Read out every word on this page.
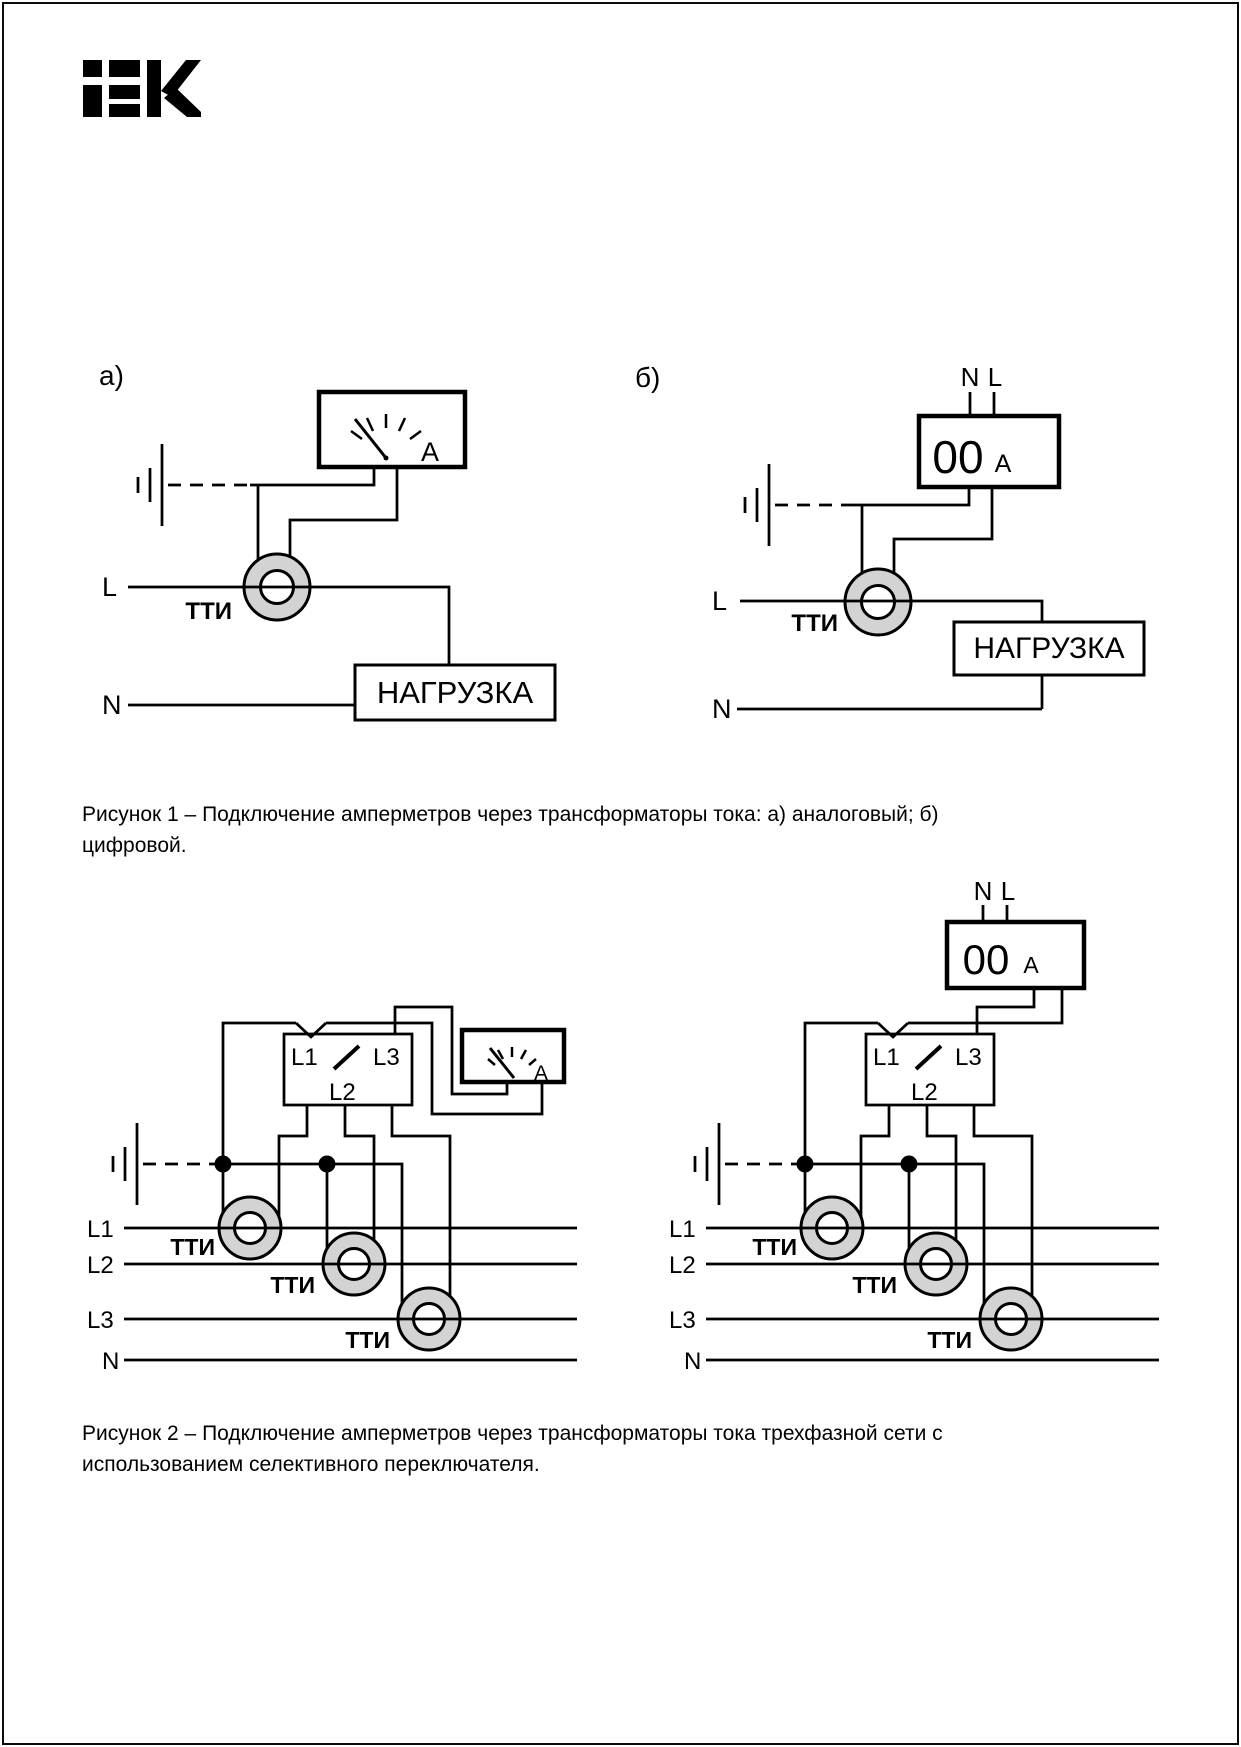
а)
А
ТТИ
L
НАГРУЗКА
N
б)	N L
00 А
ТТИ
L
НАГРУЗКА
N
L1 L3
L2
А
ТТИ
ТТИ
ТТИ
L1
L2
L3
N
L1 L3
L2
N L
00 А
ТТИ
ТТИ
ТТИ
L1
L2
L3
N
Рисунок 1 – Подключение амперметров через трансформаторы тока: а) аналоговый; б) цифровой.
Рисунок 2 – Подключение амперметров через трансформаторы тока трехфазной сети с использованием селективного переключателя.
